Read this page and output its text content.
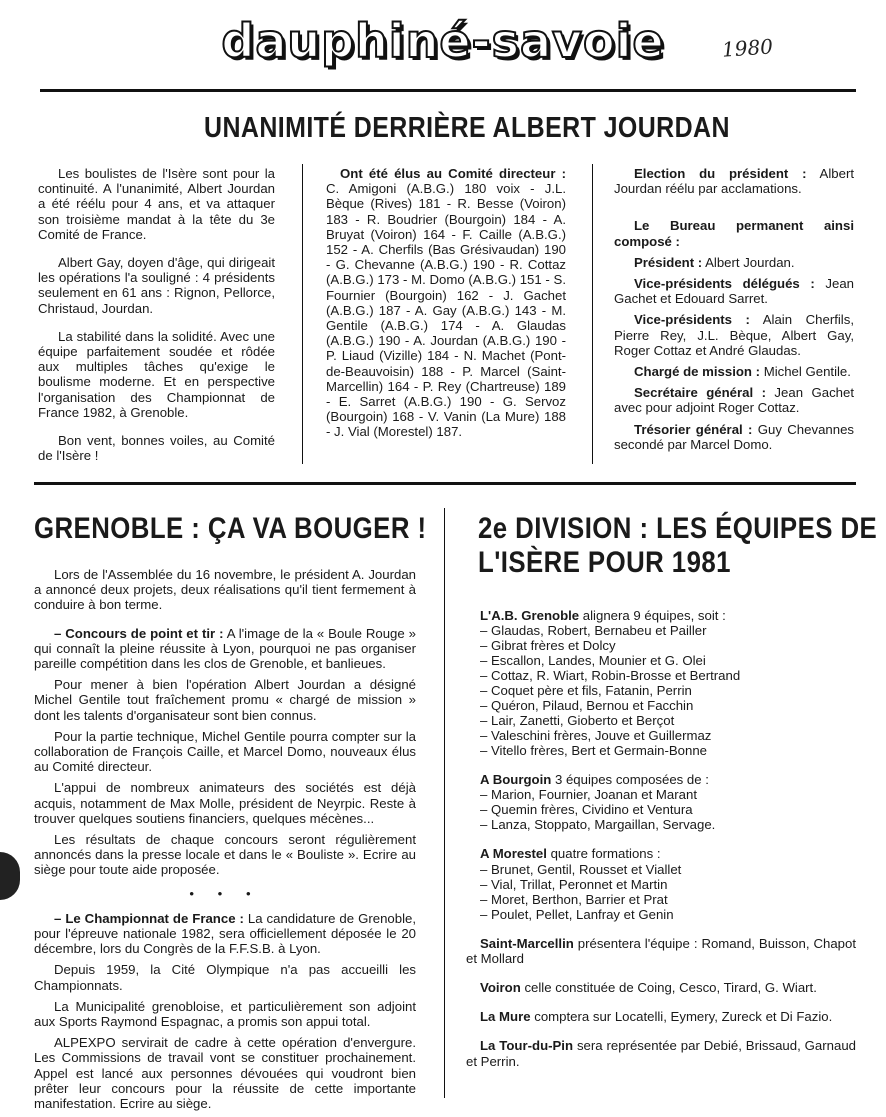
dauphiné-savoie	1980
UNANIMITÉ DERRIÈRE ALBERT JOURDAN

Les boulistes de l'Isère sont pour la continuité. A l'unanimité, Albert Jourdan a été réélu pour 4 ans, et va attaquer son troisième mandat à la tête du 3e Comité de France.

Albert Gay, doyen d'âge, qui dirigeait les opérations l'a souligné : 4 présidents seulement en 61 ans : Rignon, Pellorce, Christaud, Jourdan.

La stabilité dans la solidité. Avec une équipe parfaitement soudée et rôdée aux multiples tâches qu'exige le boulisme moderne. Et en perspective l'organisation des Championnat de France 1982, à Grenoble.

Bon vent, bonnes voiles, au Comité de l'Isère !

Ont été élus au Comité directeur : C. Amigoni (A.B.G.) 180 voix - J.L. Bèque (Rives) 181 - R. Besse (Voiron) 183 - R. Boudrier (Bourgoin) 184 - A. Bruyat (Voiron) 164 - F. Caille (A.B.G.) 152 - A. Cherfils (Bas Grésivaudan) 190 - G. Chevanne (A.B.G.) 190 - R. Cottaz (A.B.G.) 173 - M. Domo (A.B.G.) 151 - S. Fournier (Bourgoin) 162 - J. Gachet (A.B.G.) 187 - A. Gay (A.B.G.) 143 - M. Gentile (A.B.G.) 174 - A. Glaudas (A.B.G.) 190 - A. Jourdan (A.B.G.) 190 - P. Liaud (Vizille) 184 - N. Machet (Pont-de-Beauvoisin) 188 - P. Marcel (Saint-Marcellin) 164 - P. Rey (Chartreuse) 189 - E. Sarret (A.B.G.) 190 - G. Servoz (Bourgoin) 168 - V. Vanin (La Mure) 188 - J. Vial (Morestel) 187.

Election du président : Albert Jourdan réélu par acclamations.

Le Bureau permanent ainsi composé :

Président : Albert Jourdan.

Vice-présidents délégués : Jean Gachet et Edouard Sarret.

Vice-présidents : Alain Cherfils, Pierre Rey, J.L. Bèque, Albert Gay, Roger Cottaz et André Glaudas.

Chargé de mission : Michel Gentile.

Secrétaire général : Jean Gachet avec pour adjoint Roger Cottaz.

Trésorier général : Guy Chevannes secondé par Marcel Domo.

GRENOBLE : ÇA VA BOUGER !

Lors de l'Assemblée du 16 novembre, le président A. Jourdan a annoncé deux projets, deux réalisations qu'il tient fermement à conduire à bon terme.

– Concours de point et tir : A l'image de la « Boule Rouge » qui connaît la pleine réussite à Lyon, pourquoi ne pas organiser pareille compétition dans les clos de Grenoble, et banlieues.

Pour mener à bien l'opération Albert Jourdan a désigné Michel Gentile tout fraîchement promu « chargé de mission » dont les talents d'organisateur sont bien connus.

Pour la partie technique, Michel Gentile pourra compter sur la collaboration de François Caille, et Marcel Domo, nouveaux élus au Comité directeur.

L'appui de nombreux animateurs des sociétés est déjà acquis, notamment de Max Molle, président de Neyrpic. Reste à trouver quelques soutiens financiers, quelques mécènes...

Les résultats de chaque concours seront régulièrement annoncés dans la presse locale et dans le « Bouliste ». Ecrire au siège pour toute aide proposée.

• • •

– Le Championnat de France : La candidature de Grenoble, pour l'épreuve nationale 1982, sera officiellement déposée le 20 décembre, lors du Congrès de la F.F.S.B. à Lyon.

Depuis 1959, la Cité Olympique n'a pas accueilli les Championnats.

La Municipalité grenobloise, et particulièrement son adjoint aux Sports Raymond Espagnac, a promis son appui total.

ALPEXPO servirait de cadre à cette opération d'envergure. Les Commissions de travail vont se constituer prochainement. Appel est lancé aux personnes dévouées qui voudront bien prêter leur concours pour la réussite de cette importante manifestation. Ecrire au siège.

2e DIVISION : LES ÉQUIPES DE
L'ISÈRE POUR 1981
L'A.B. Grenoble alignera 9 équipes, soit :
– Glaudas, Robert, Bernabeu et Pailler
– Gibrat frères et Dolcy
– Escallon, Landes, Mounier et G. Olei
– Cottaz, R. Wiart, Robin-Brosse et Bertrand
– Coquet père et fils, Fatanin, Perrin
– Quéron, Pilaud, Bernou et Facchin
– Lair, Zanetti, Gioberto et Berçot
– Valeschini frères, Jouve et Guillermaz
– Vitello frères, Bert et Germain-Bonne
A Bourgoin 3 équipes composées de :
– Marion, Fournier, Joanan et Marant
– Quemin frères, Cividino et Ventura
– Lanza, Stoppato, Margaillan, Servage.
A Morestel quatre formations :
– Brunet, Gentil, Rousset et Viallet
– Vial, Trillat, Peronnet et Martin
– Moret, Berthon, Barrier et Prat
– Poulet, Pellet, Lanfray et Genin

Saint-Marcellin présentera l'équipe : Romand, Buisson, Chapot et Mollard

Voiron celle constituée de Coing, Cesco, Tirard, G. Wiart.

La Mure comptera sur Locatelli, Eymery, Zureck et Di Fazio.

La Tour-du-Pin sera représentée par Debié, Brissaud, Garnaud et Perrin.
